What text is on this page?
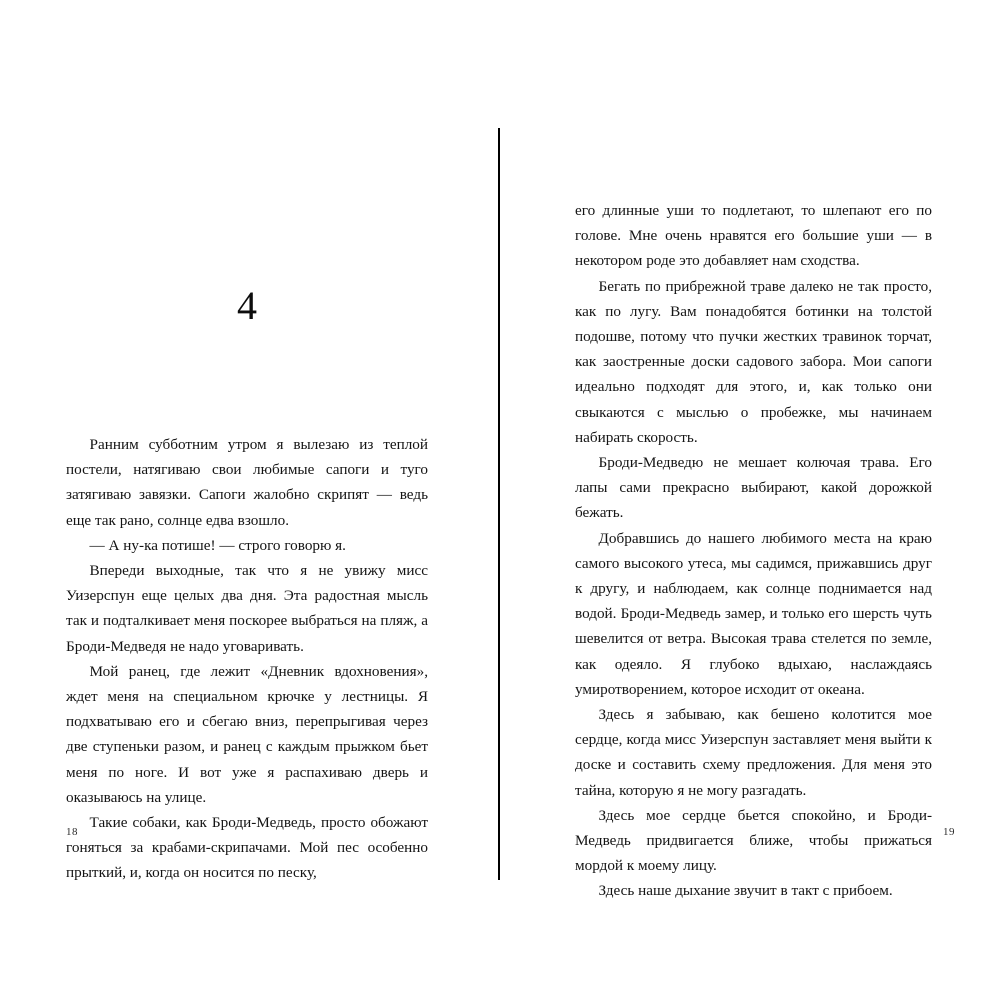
4

Ранним субботним утром я вылезаю из теплой постели, натягиваю свои любимые сапоги и туго затягиваю завязки. Сапоги жалобно скрипят — ведь еще так рано, солнце едва взошло.

— А ну-ка потише! — строго говорю я.

Впереди выходные, так что я не увижу мисс Уизерспун еще целых два дня. Эта радостная мысль так и подталкивает меня поскорее выбраться на пляж, а Броди-Медведя не надо уговаривать.

Мой ранец, где лежит «Дневник вдохновения», ждет меня на специальном крючке у лестницы. Я подхватываю его и сбегаю вниз, перепрыгивая через две ступеньки разом, и ранец с каждым прыжком бьет меня по ноге. И вот уже я распахиваю дверь и оказываюсь на улице.

Такие собаки, как Броди-Медведь, просто обожают гоняться за крабами-скрипачами. Мой пес особенно прыткий, и, когда он носится по песку,

18

его длинные уши то подлетают, то шлепают его по голове. Мне очень нравятся его большие уши — в некотором роде это добавляет нам сходства.

Бегать по прибрежной траве далеко не так просто, как по лугу. Вам понадобятся ботинки на толстой подошве, потому что пучки жестких травинок торчат, как заостренные доски садового забора. Мои сапоги идеально подходят для этого, и, как только они свыкаются с мыслью о пробежке, мы начинаем набирать скорость.

Броди-Медведю не мешает колючая трава. Его лапы сами прекрасно выбирают, какой дорожкой бежать.

Добравшись до нашего любимого места на краю самого высокого утеса, мы садимся, прижавшись друг к другу, и наблюдаем, как солнце поднимается над водой. Броди-Медведь замер, и только его шерсть чуть шевелится от ветра. Высокая трава стелется по земле, как одеяло. Я глубоко вдыхаю, наслаждаясь умиротворением, которое исходит от океана.

Здесь я забываю, как бешено колотится мое сердце, когда мисс Уизерспун заставляет меня выйти к доске и составить схему предложения. Для меня это тайна, которую я не могу разгадать.

Здесь мое сердце бьется спокойно, и Броди-Медведь придвигается ближе, чтобы прижаться мордой к моему лицу.

Здесь наше дыхание звучит в такт с прибоем.

19
